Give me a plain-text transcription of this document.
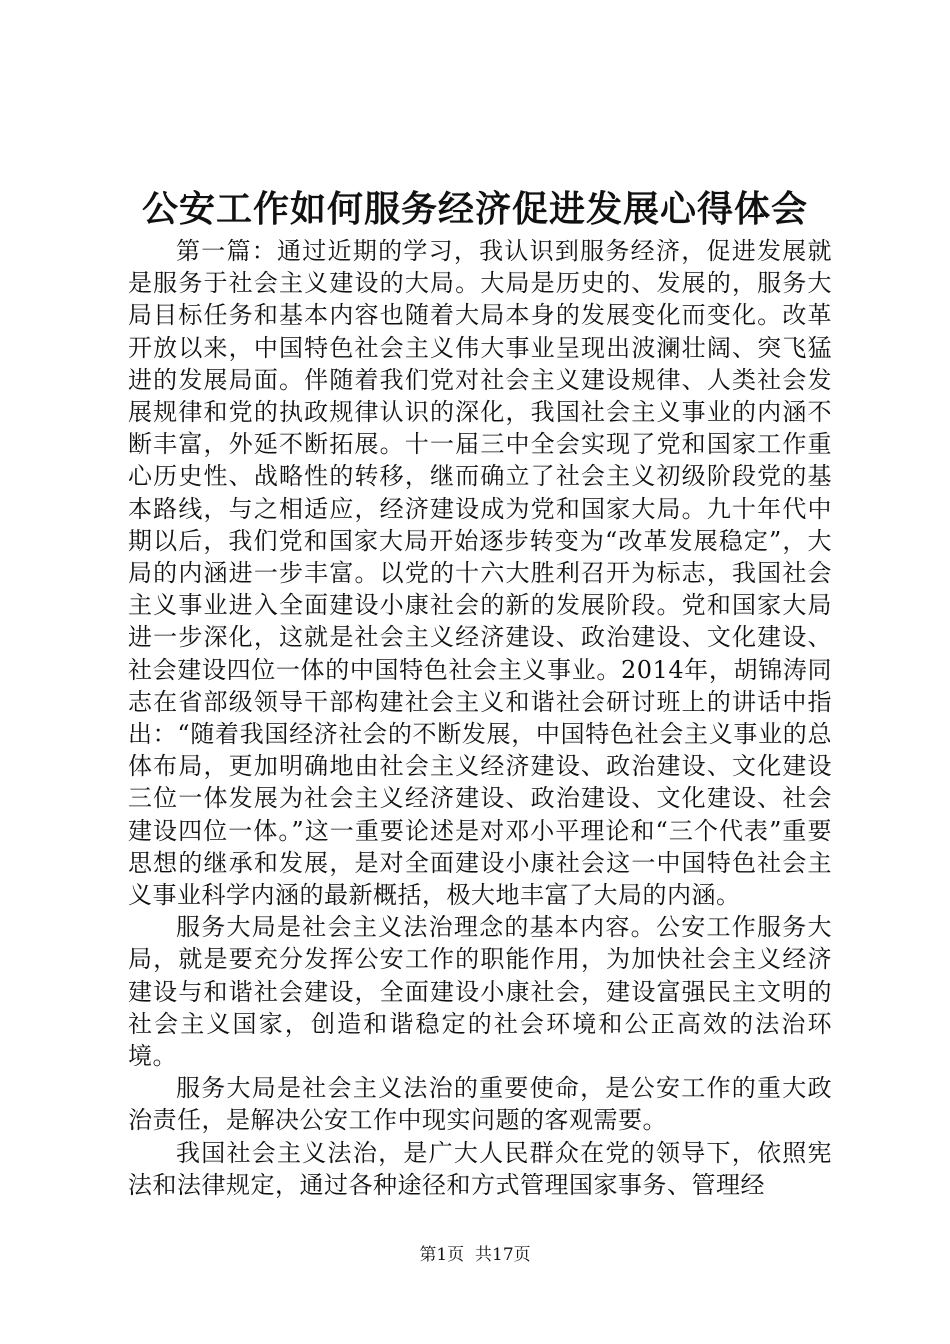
公安工作如何服务经济促进发展心得体会

第一篇：通过近期的学习，我认识到服务经济，促进发展就是服务于社会主义建设的大局。大局是历史的、发展的，服务大局目标任务和基本内容也随着大局本身的发展变化而变化。改革开放以来，中国特色社会主义伟大事业呈现出波澜壮阔、突飞猛进的发展局面。伴随着我们党对社会主义建设规律、人类社会发展规律和党的执政规律认识的深化，我国社会主义事业的内涵不断丰富，外延不断拓展。十一届三中全会实现了党和国家工作重心历史性、战略性的转移，继而确立了社会主义初级阶段党的基本路线，与之相适应，经济建设成为党和国家大局。九十年代中期以后，我们党和国家大局开始逐步转变为“改革发展稳定”，大局的内涵进一步丰富。以党的十六大胜利召开为标志，我国社会主义事业进入全面建设小康社会的新的发展阶段。党和国家大局进一步深化，这就是社会主义经济建设、政治建设、文化建设、社会建设四位一体的中国特色社会主义事业。2014年，胡锦涛同志在省部级领导干部构建社会主义和谐社会研讨班上的讲话中指出：“随着我国经济社会的不断发展，中国特色社会主义事业的总体布局，更加明确地由社会主义经济建设、政治建设、文化建设三位一体发展为社会主义经济建设、政治建设、文化建设、社会建设四位一体。”这一重要论述是对邓小平理论和“三个代表”重要思想的继承和发展，是对全面建设小康社会这一中国特色社会主义事业科学内涵的最新概括，极大地丰富了大局的内涵。

服务大局是社会主义法治理念的基本内容。公安工作服务大局，就是要充分发挥公安工作的职能作用，为加快社会主义经济建设与和谐社会建设，全面建设小康社会，建设富强民主文明的社会主义国家，创造和谐稳定的社会环境和公正高效的法治环境。

服务大局是社会主义法治的重要使命，是公安工作的重大政治责任，是解决公安工作中现实问题的客观需要。

我国社会主义法治，是广大人民群众在党的领导下，依照宪法和法律规定，通过各种途径和方式管理国家事务、管理经

第1页 共17页
